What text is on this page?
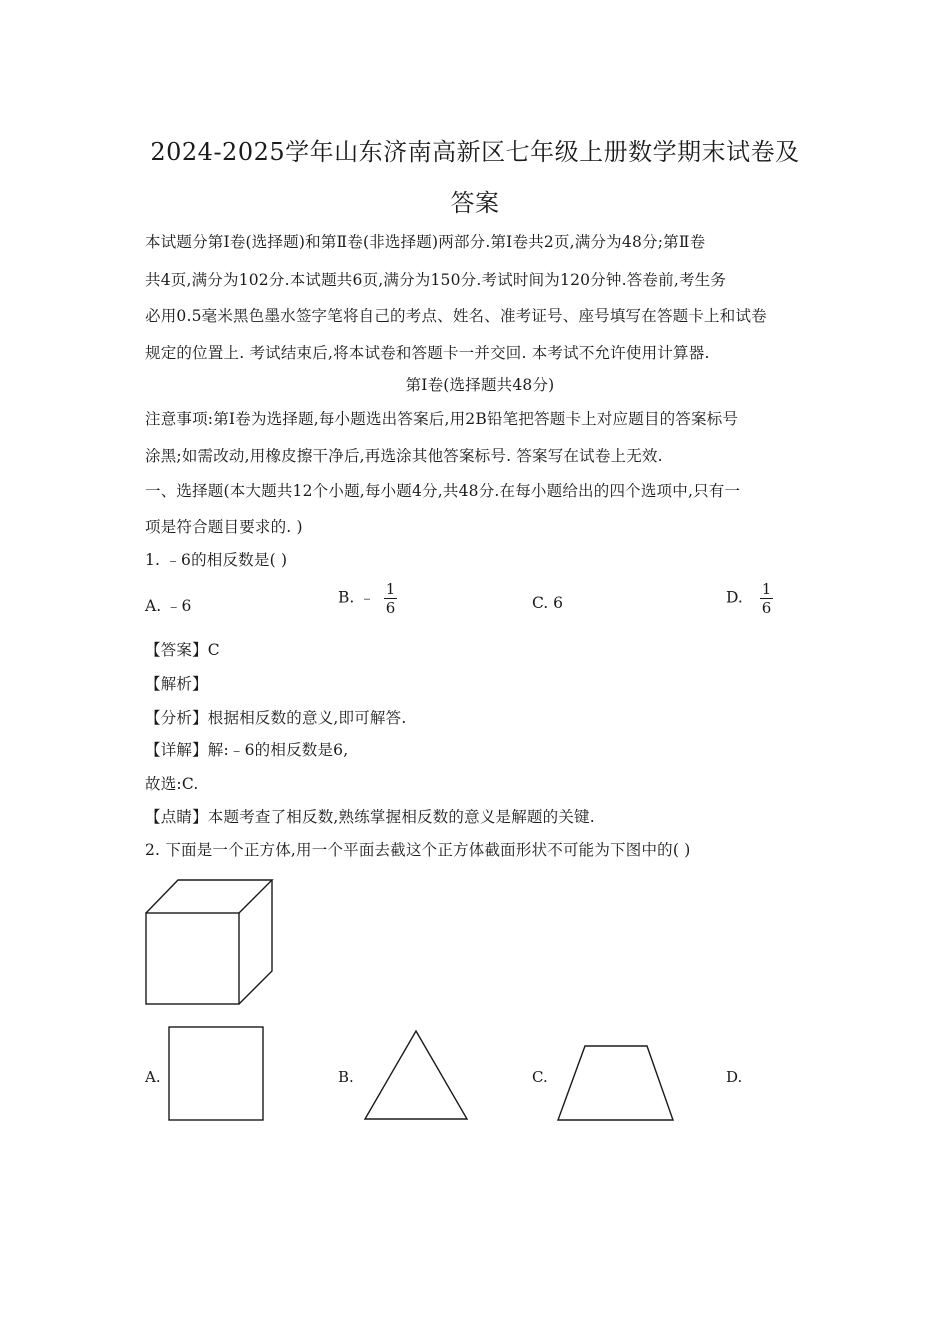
2024-2025学年山东济南高新区七年级上册数学期末试卷及
答案
本试题分第Ⅰ卷(选择题)和第Ⅱ卷(非选择题)两部分.第Ⅰ卷共2页,满分为48分;第Ⅱ卷
共4页,满分为102分.本试题共6页,满分为150分.考试时间为120分钟.答卷前,考生务
必用0.5毫米黑色墨水签字笔将自己的考点、姓名、准考证号、座号填写在答题卡上和试卷
规定的位置上. 考试结束后,将本试卷和答题卡一并交回. 本考试不允许使用计算器.
第Ⅰ卷(选择题共48分)
注意事项:第Ⅰ卷为选择题,每小题选出答案后,用2B铅笔把答题卡上对应题目的答案标号
涂黑;如需改动,用橡皮擦干净后,再选涂其他答案标号. 答案写在试卷上无效.
一、选择题(本大题共12个小题,每小题4分,共48分.在每小题给出的四个选项中,只有一
项是符合题目要求的. )
1. ﹣6的相反数是( )
A. ﹣6	B. ﹣ $\frac{1}{6}$	C. 6	D. $\frac{1}{6}$
【答案】C
【解析】
【分析】根据相反数的意义,即可解答.
【详解】解:﹣6的相反数是6,
故选:C.
【点睛】本题考查了相反数,熟练掌握相反数的意义是解题的关键.
2. 下面是一个正方体,用一个平面去截这个正方体截面形状不可能为下图中的( )
A.	B.	C.	D.
